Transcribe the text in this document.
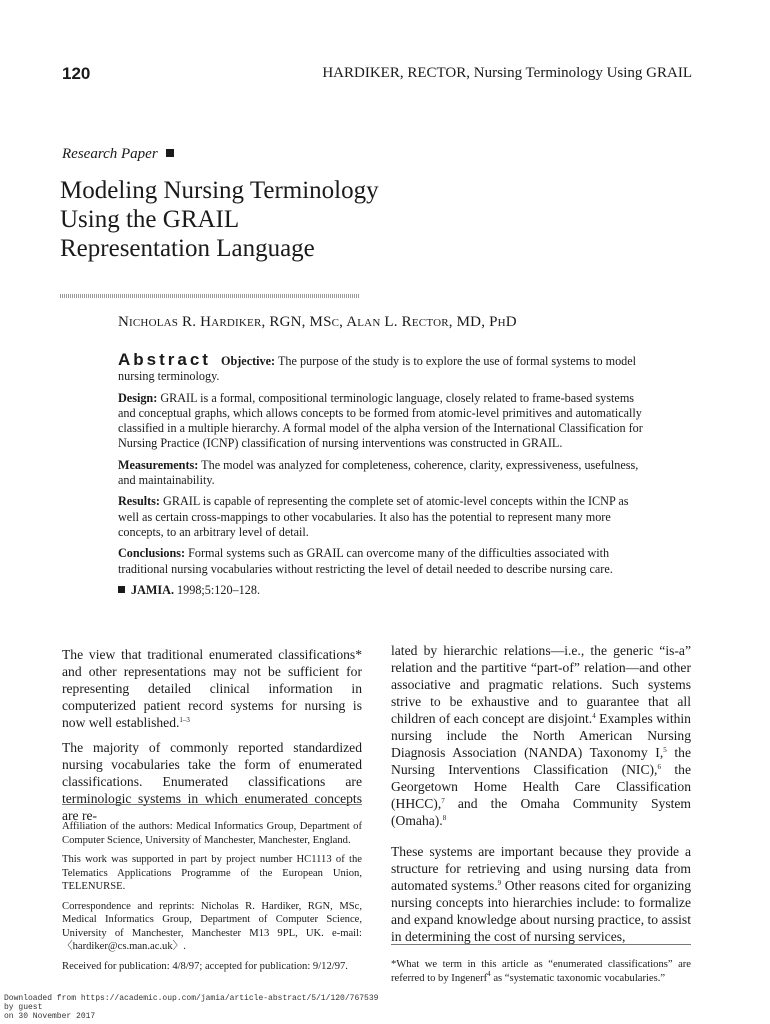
120	HARDIKER, RECTOR, Nursing Terminology Using GRAIL
Research Paper
Modeling Nursing Terminology Using the GRAIL Representation Language
Nicholas R. Hardiker, RGN, MSc, Alan L. Rector, MD, PhD

Abstract Objective: The purpose of the study is to explore the use of formal systems to model nursing terminology.

Design: GRAIL is a formal, compositional terminologic language, closely related to frame-based systems and conceptual graphs, which allows concepts to be formed from atomic-level primitives and automatically classified in a multiple hierarchy. A formal model of the alpha version of the International Classification for Nursing Practice (ICNP) classification of nursing interventions was constructed in GRAIL.

Measurements: The model was analyzed for completeness, coherence, clarity, expressiveness, usefulness, and maintainability.

Results: GRAIL is capable of representing the complete set of atomic-level concepts within the ICNP as well as certain cross-mappings to other vocabularies. It also has the potential to represent many more concepts, to an arbitrary level of detail.

Conclusions: Formal systems such as GRAIL can overcome many of the difficulties associated with traditional nursing vocabularies without restricting the level of detail needed to describe nursing care.

JAMIA. 1998;5:120–128.

The view that traditional enumerated classifications* and other representations may not be sufficient for representing detailed clinical information in computerized patient record systems for nursing is now well established.$^{1-3}$

The majority of commonly reported standardized nursing vocabularies take the form of enumerated classifications. Enumerated classifications are terminologic systems in which enumerated concepts are re-

Affiliation of the authors: Medical Informatics Group, Department of Computer Science, University of Manchester, Manchester, England.

This work was supported in part by project number HC1113 of the Telematics Applications Programme of the European Union, TELENURSE.

Correspondence and reprints: Nicholas R. Hardiker, RGN, MSc, Medical Informatics Group, Department of Computer Science, University of Manchester, Manchester M13 9PL, UK. e-mail: 〈hardiker@cs.man.ac.uk〉.

Received for publication: 4/8/97; accepted for publication: 9/12/97.

lated by hierarchic relations—i.e., the generic “is-a” relation and the partitive “part-of” relation—and other associative and pragmatic relations. Such systems strive to be exhaustive and to guarantee that all children of each concept are disjoint.$^4$ Examples within nursing include the North American Nursing Diagnosis Association (NANDA) Taxonomy I,$^5$ the Nursing Interventions Classification (NIC),$^6$ the Georgetown Home Health Care Classification (HHCC),$^7$ and the Omaha Community System (Omaha).$^8$

These systems are important because they provide a structure for retrieving and using nursing data from automated systems.$^9$ Other reasons cited for organizing nursing concepts into hierarchies include: to formalize and expand knowledge about nursing practice, to assist in determining the cost of nursing services,

*What we term in this article as “enumerated classifications” are referred to by Ingenerf$^4$ as “systematic taxonomic vocabularies.”

Downloaded from https://academic.oup.com/jamia/article-abstract/5/1/120/767539
by guest
on 30 November 2017
